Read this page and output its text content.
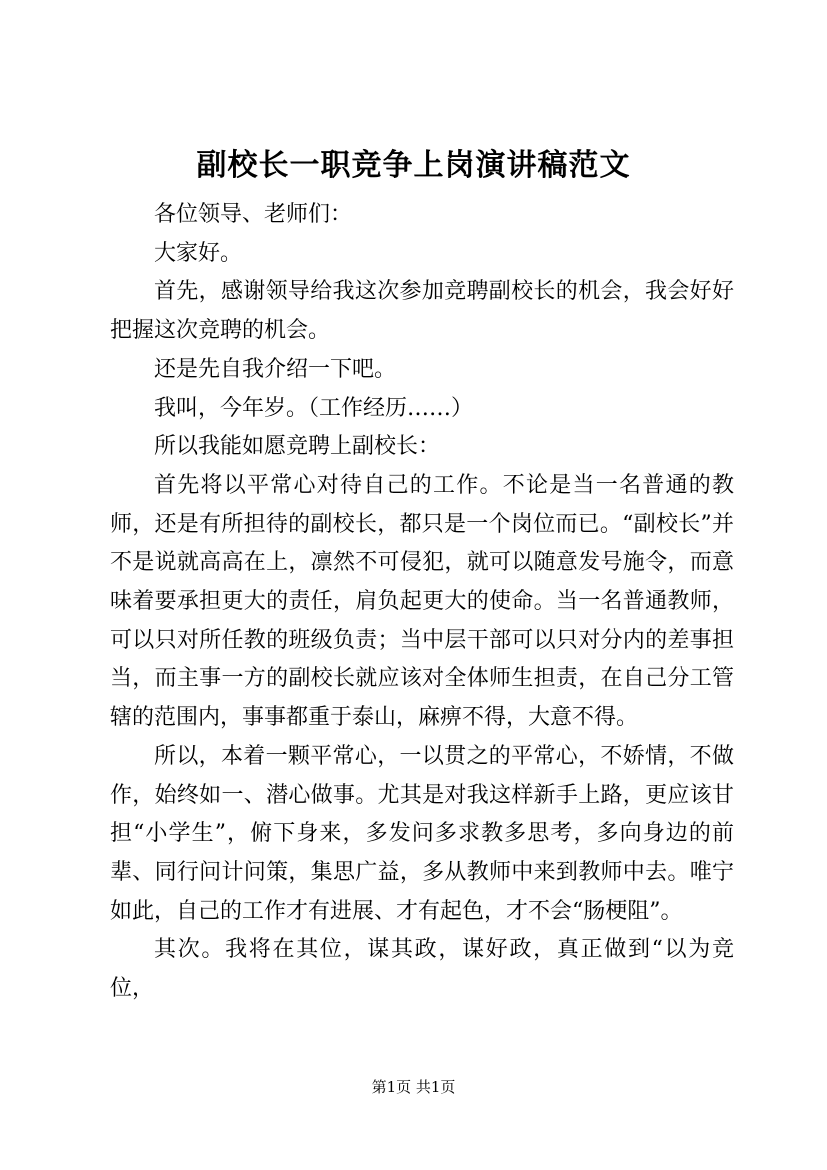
副校长一职竞争上岗演讲稿范文

各位领导、老师们：

大家好。

首先，感谢领导给我这次参加竞聘副校长的机会，我会好好把握这次竞聘的机会。

还是先自我介绍一下吧。

我叫，今年岁。（工作经历……）

所以我能如愿竞聘上副校长：

首先将以平常心对待自己的工作。不论是当一名普通的教师，还是有所担待的副校长，都只是一个岗位而已。“副校长”并不是说就高高在上，凛然不可侵犯，就可以随意发号施令，而意味着要承担更大的责任，肩负起更大的使命。当一名普通教师，可以只对所任教的班级负责；当中层干部可以只对分内的差事担当，而主事一方的副校长就应该对全体师生担责，在自己分工管辖的范围内，事事都重于泰山，麻痹不得，大意不得。

所以，本着一颗平常心，一以贯之的平常心，不娇情，不做作，始终如一、潜心做事。尤其是对我这样新手上路，更应该甘担“小学生”，俯下身来，多发问多求教多思考，多向身边的前辈、同行问计问策，集思广益，多从教师中来到教师中去。唯宁如此，自己的工作才有进展、才有起色，才不会“肠梗阻”。

其次。我将在其位，谋其政，谋好政，真正做到“以为竞位，

第1页 共1页
